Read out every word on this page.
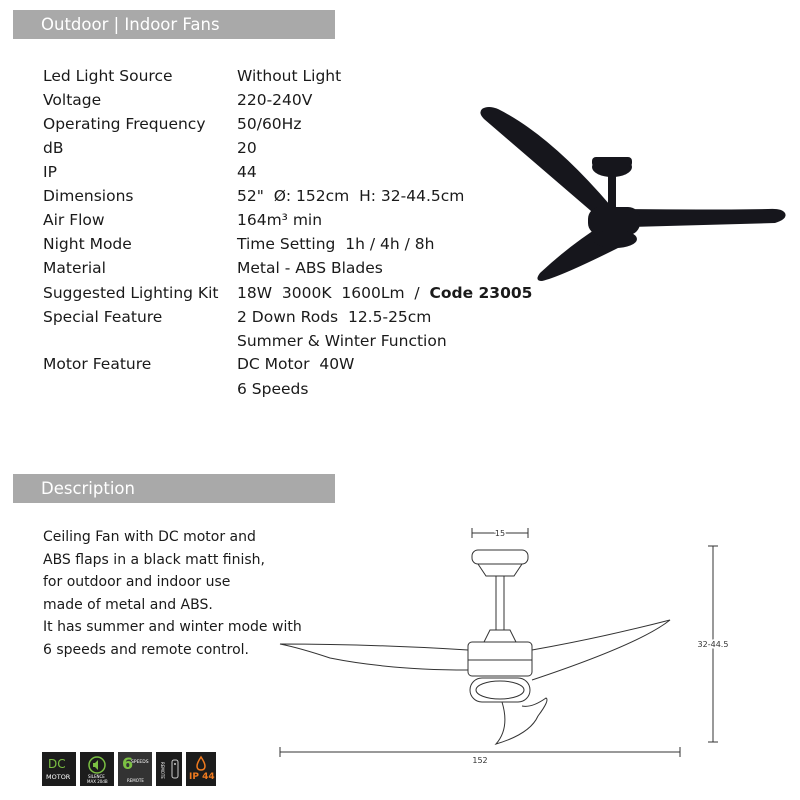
Outdoor | Indoor Fans
Led Light Source	Without Light
Voltage	220-240V
Operating Frequency 50/60Hz
dB	20
IP	44
Dimensions	52"  Ø: 152cm  H: 32-44.5cm
Air Flow	164m³ min
Night Mode	Time Setting  1h / 4h / 8h
Material	Metal - ABS Blades
Suggested Lighting Kit 18W  3000K  1600Lm  /  Code 23005
Special Feature	2 Down Rods  12.5-25cm
Summer & Winter Function
Motor Feature	DC Motor  40W
6 Speeds
Description
Ceiling Fan with DC motor and
ABS flaps in a black matt finish,
for outdoor and indoor use
made of metal and ABS.
It has summer and winter mode with
6 speeds and remote control.
15
32-44.5
152
DC
MOTOR	SILENCE
MAX 20dB
6
SPEEDS
REMOTE
REMOTE	IP 44
